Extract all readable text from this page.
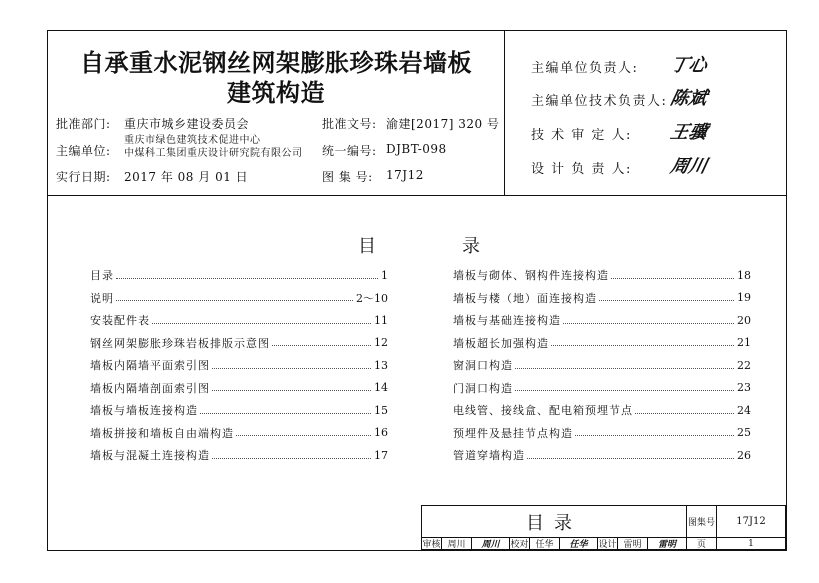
自承重水泥钢丝网架膨胀珍珠岩墙板
建筑构造
批准部门: 重庆市城乡建设委员会	批准文号: 渝建[2017] 320 号
主编单位:
重庆市绿色建筑技术促进中心
中煤科工集团重庆设计研究院有限公司 统一编号: DJBT-098
实行日期: 2017 年 08 月 01 日	图 集 号: 17J12
主编单位负责人: 丁心
主编单位技术负责人: 陈斌
技 术 审 定 人: 王骥
设 计 负 责 人: 周川
目	录
目录	1
说明	2～10
安装配件表	11
钢丝网架膨胀珍珠岩板排版示意图	12
墙板内隔墙平面索引图	13
墙板内隔墙剖面索引图	14
墙板与墙板连接构造	15
墙板拼接和墙板自由端构造	16
墙板与混凝土连接构造	17
墙板与砌体、钢构件连接构造	18
墙板与楼（地）面连接构造	19
墙板与基础连接构造	20
墙板超长加强构造	21
窗洞口构造	22
门洞口构造	23
电线管、接线盒、配电箱预埋节点	24
预埋件及悬挂节点构造	25
管道穿墙构造	26
目录	图集号	17J12
审核 周川	周川	校对 任华	任华	设计 雷明	雷明	页	1
